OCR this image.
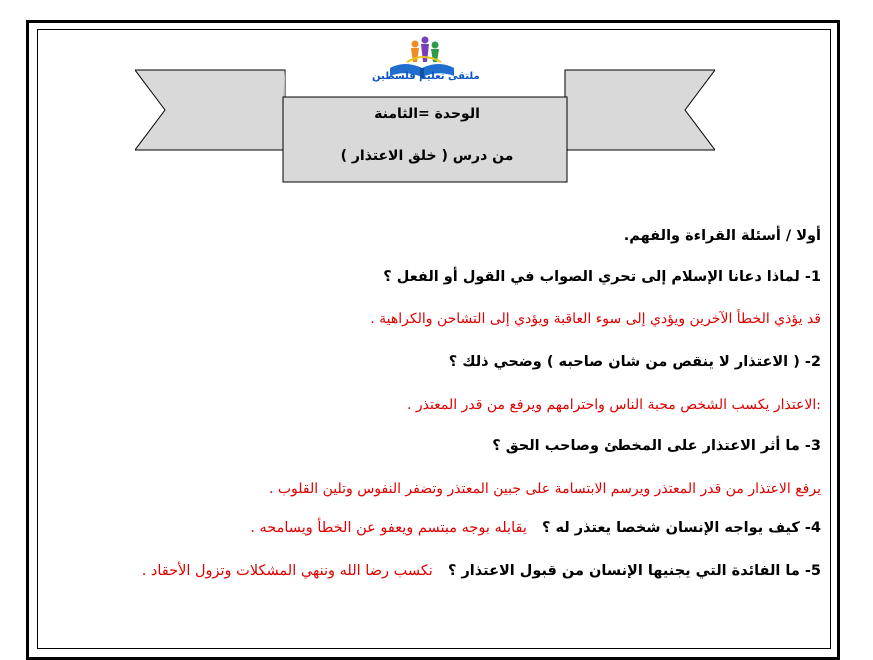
ملتقى تعليم فلسطين
الوحدة =الثامنة
من درس ( خلق الاعتذار )
أولا / أسئلة القراءة والفهم.
1- لماذا دعانا الإسلام إلى تحري الصواب في القول أو الفعل ؟
قد يؤذي الخطأ الآخرين ويؤدي إلى سوء العاقبة ويؤدي إلى التشاحن والكراهية .
2- ( الاعتذار لا ينقص من شان صاحبه ) وضحي ذلك ؟
:الاعتذار يكسب الشخص محبة الناس واحترامهم ويرفع من قدر المعتذر .
3- ما أثر الاعتذار على المخطئ وصاحب الحق ؟
يرفع الاعتذار من قدر المعتذر ويرسم الابتسامة على جبين المعتذر وتضفر النفوس وتلين القلوب .
4- كيف يواجه الإنسان شخصا يعتذر له ؟   يقابله بوجه مبتسم ويعفو عن الخطأ ويسامحه .
5- ما الفائدة التي يجنيها الإنسان من قبول الاعتذار ؟   نكسب رضا الله وننهي المشكلات وتزول الأحقاد .
